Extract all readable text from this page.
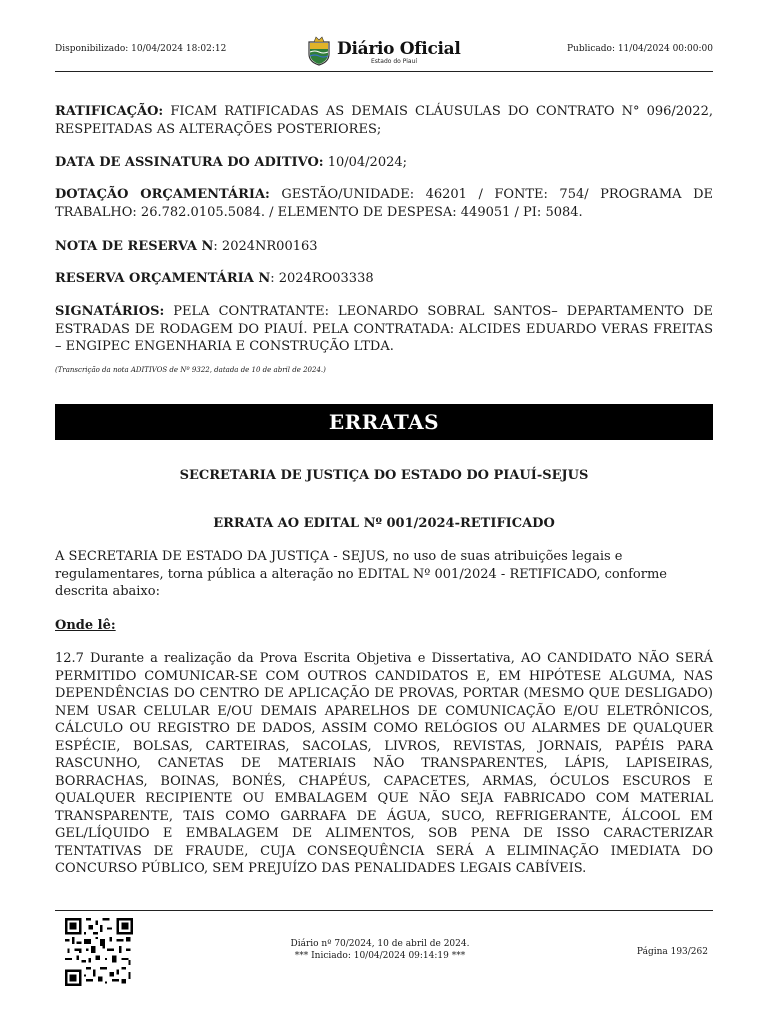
Disponibilizado: 10/04/2024 18:02:12	Diário Oficial
Estado do Piauí
Publicado: 11/04/2024 00:00:00

RATIFICAÇÃO: FICAM RATIFICADAS AS DEMAIS CLÁUSULAS DO CONTRATO N° 096/2022, RESPEITADAS AS ALTERAÇÕES POSTERIORES;

DATA DE ASSINATURA DO ADITIVO: 10/04/2024;

DOTAÇÃO ORÇAMENTÁRIA: GESTÃO/UNIDADE: 46201 / FONTE: 754/ PROGRAMA DE TRABALHO: 26.782.0105.5084. / ELEMENTO DE DESPESA: 449051 / PI: 5084.

NOTA DE RESERVA N: 2024NR00163

RESERVA ORÇAMENTÁRIA N: 2024RO03338

SIGNATÁRIOS: PELA CONTRATANTE: LEONARDO SOBRAL SANTOS– DEPARTAMENTO DE ESTRADAS DE RODAGEM DO PIAUÍ. PELA CONTRATADA: ALCIDES EDUARDO VERAS FREITAS – ENGIPEC ENGENHARIA E CONSTRUÇÃO LTDA.

(Transcrição da nota ADITIVOS de Nº 9322, datada de 10 de abril de 2024.)

ERRATAS

SECRETARIA DE JUSTIÇA DO ESTADO DO PIAUÍ-SEJUS

ERRATA AO EDITAL Nº 001/2024-RETIFICADO

A SECRETARIA DE ESTADO DA JUSTIÇA - SEJUS, no uso de suas atribuições legais e regulamentares, torna pública a alteração no EDITAL Nº 001/2024 - RETIFICADO, conforme descrita abaixo:

Onde lê:

12.7 Durante a realização da Prova Escrita Objetiva e Dissertativa, AO CANDIDATO NÃO SERÁ PERMITIDO COMUNICAR-SE COM OUTROS CANDIDATOS E, EM HIPÓTESE ALGUMA, NAS DEPENDÊNCIAS DO CENTRO DE APLICAÇÃO DE PROVAS, PORTAR (MESMO QUE DESLIGADO) NEM USAR CELULAR E/OU DEMAIS APARELHOS DE COMUNICAÇÃO E/OU ELETRÔNICOS, CÁLCULO OU REGISTRO DE DADOS, ASSIM COMO RELÓGIOS OU ALARMES DE QUALQUER ESPÉCIE, BOLSAS, CARTEIRAS, SACOLAS, LIVROS, REVISTAS, JORNAIS, PAPÉIS PARA RASCUNHO, CANETAS DE MATERIAIS NÃO TRANSPARENTES, LÁPIS, LAPISEIRAS, BORRACHAS, BOINAS, BONÉS, CHAPÉUS, CAPACETES, ARMAS, ÓCULOS ESCUROS E QUALQUER RECIPIENTE OU EMBALAGEM QUE NÃO SEJA FABRICADO COM MATERIAL TRANSPARENTE, TAIS COMO GARRAFA DE ÁGUA, SUCO, REFRIGERANTE, ÁLCOOL EM GEL/LÍQUIDO E EMBALAGEM DE ALIMENTOS, SOB PENA DE ISSO CARACTERIZAR TENTATIVAS DE FRAUDE, CUJA CONSEQUÊNCIA SERÁ A ELIMINAÇÃO IMEDIATA DO CONCURSO PÚBLICO, SEM PREJUÍZO DAS PENALIDADES LEGAIS CABÍVEIS.

Diário nº 70/2024, 10 de abril de 2024.
*** Iniciado: 10/04/2024 09:14:19 ***	Página 193/262
